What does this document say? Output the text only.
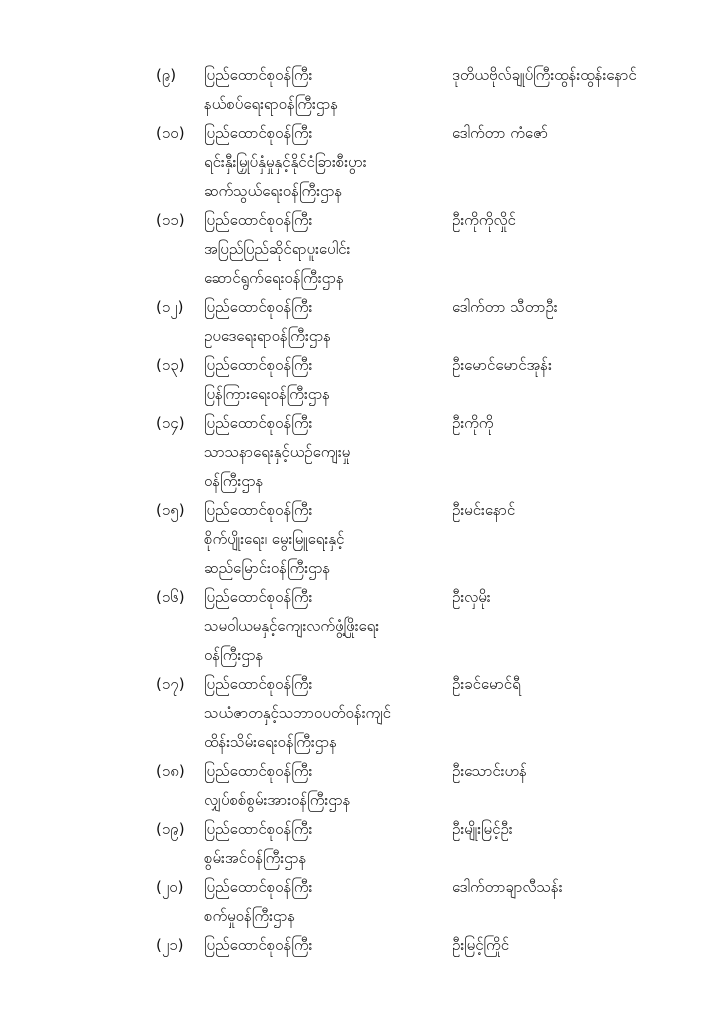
(၉) ပြည်ထောင်စုဝန်ကြီး	ဒုတိယဗိုလ်ချုပ်ကြီးထွန်းထွန်းနောင်
နယ်စပ်ရေးရာဝန်ကြီးဌာန
(၁၀) ပြည်ထောင်စုဝန်ကြီး	ဒေါက်တာ ကံဇော်
ရင်းနှီးမြှုပ်နှံမှုနှင့်နိုင်ငံခြားစီးပွား
ဆက်သွယ်ရေးဝန်ကြီးဌာန
(၁၁) ပြည်ထောင်စုဝန်ကြီး	ဦးကိုကိုလှိုင်
အပြည်ပြည်ဆိုင်ရာပူးပေါင်း
ဆောင်ရွက်ရေးဝန်ကြီးဌာန
(၁၂) ပြည်ထောင်စုဝန်ကြီး	ဒေါက်တာ သီတာဦး
ဥပဒေရေးရာဝန်ကြီးဌာန
(၁၃) ပြည်ထောင်စုဝန်ကြီး	ဦးမောင်မောင်အုန်း
ပြန်ကြားရေးဝန်ကြီးဌာန
(၁၄) ပြည်ထောင်စုဝန်ကြီး	ဦးကိုကို
သာသနာရေးနှင့်ယဉ်ကျေးမှု
ဝန်ကြီးဌာန
(၁၅) ပြည်ထောင်စုဝန်ကြီး	ဦးမင်းနောင်
စိုက်ပျိုးရေး၊ မွေးမြူရေးနှင့်
ဆည်မြောင်းဝန်ကြီးဌာန
(၁၆) ပြည်ထောင်စုဝန်ကြီး	ဦးလှမိုး
သမဝါယမနှင့်ကျေးလက်ဖွံ့ဖြိုးရေး
ဝန်ကြီးဌာန
(၁၇) ပြည်ထောင်စုဝန်ကြီး	ဦးခင်မောင်ရီ
သယံဇာတနှင့်သဘာဝပတ်ဝန်းကျင်
ထိန်းသိမ်းရေးဝန်ကြီးဌာန
(၁၈) ပြည်ထောင်စုဝန်ကြီး	ဦးသောင်းဟန်
လျှပ်စစ်စွမ်းအားဝန်ကြီးဌာန
(၁၉) ပြည်ထောင်စုဝန်ကြီး	ဦးမျိုးမြင့်ဦး
စွမ်းအင်ဝန်ကြီးဌာန
(၂၀) ပြည်ထောင်စုဝန်ကြီး	ဒေါက်တာချာလီသန်း
စက်မှုဝန်ကြီးဌာန
(၂၁) ပြည်ထောင်စုဝန်ကြီး	ဦးမြင့်ကြိုင်
